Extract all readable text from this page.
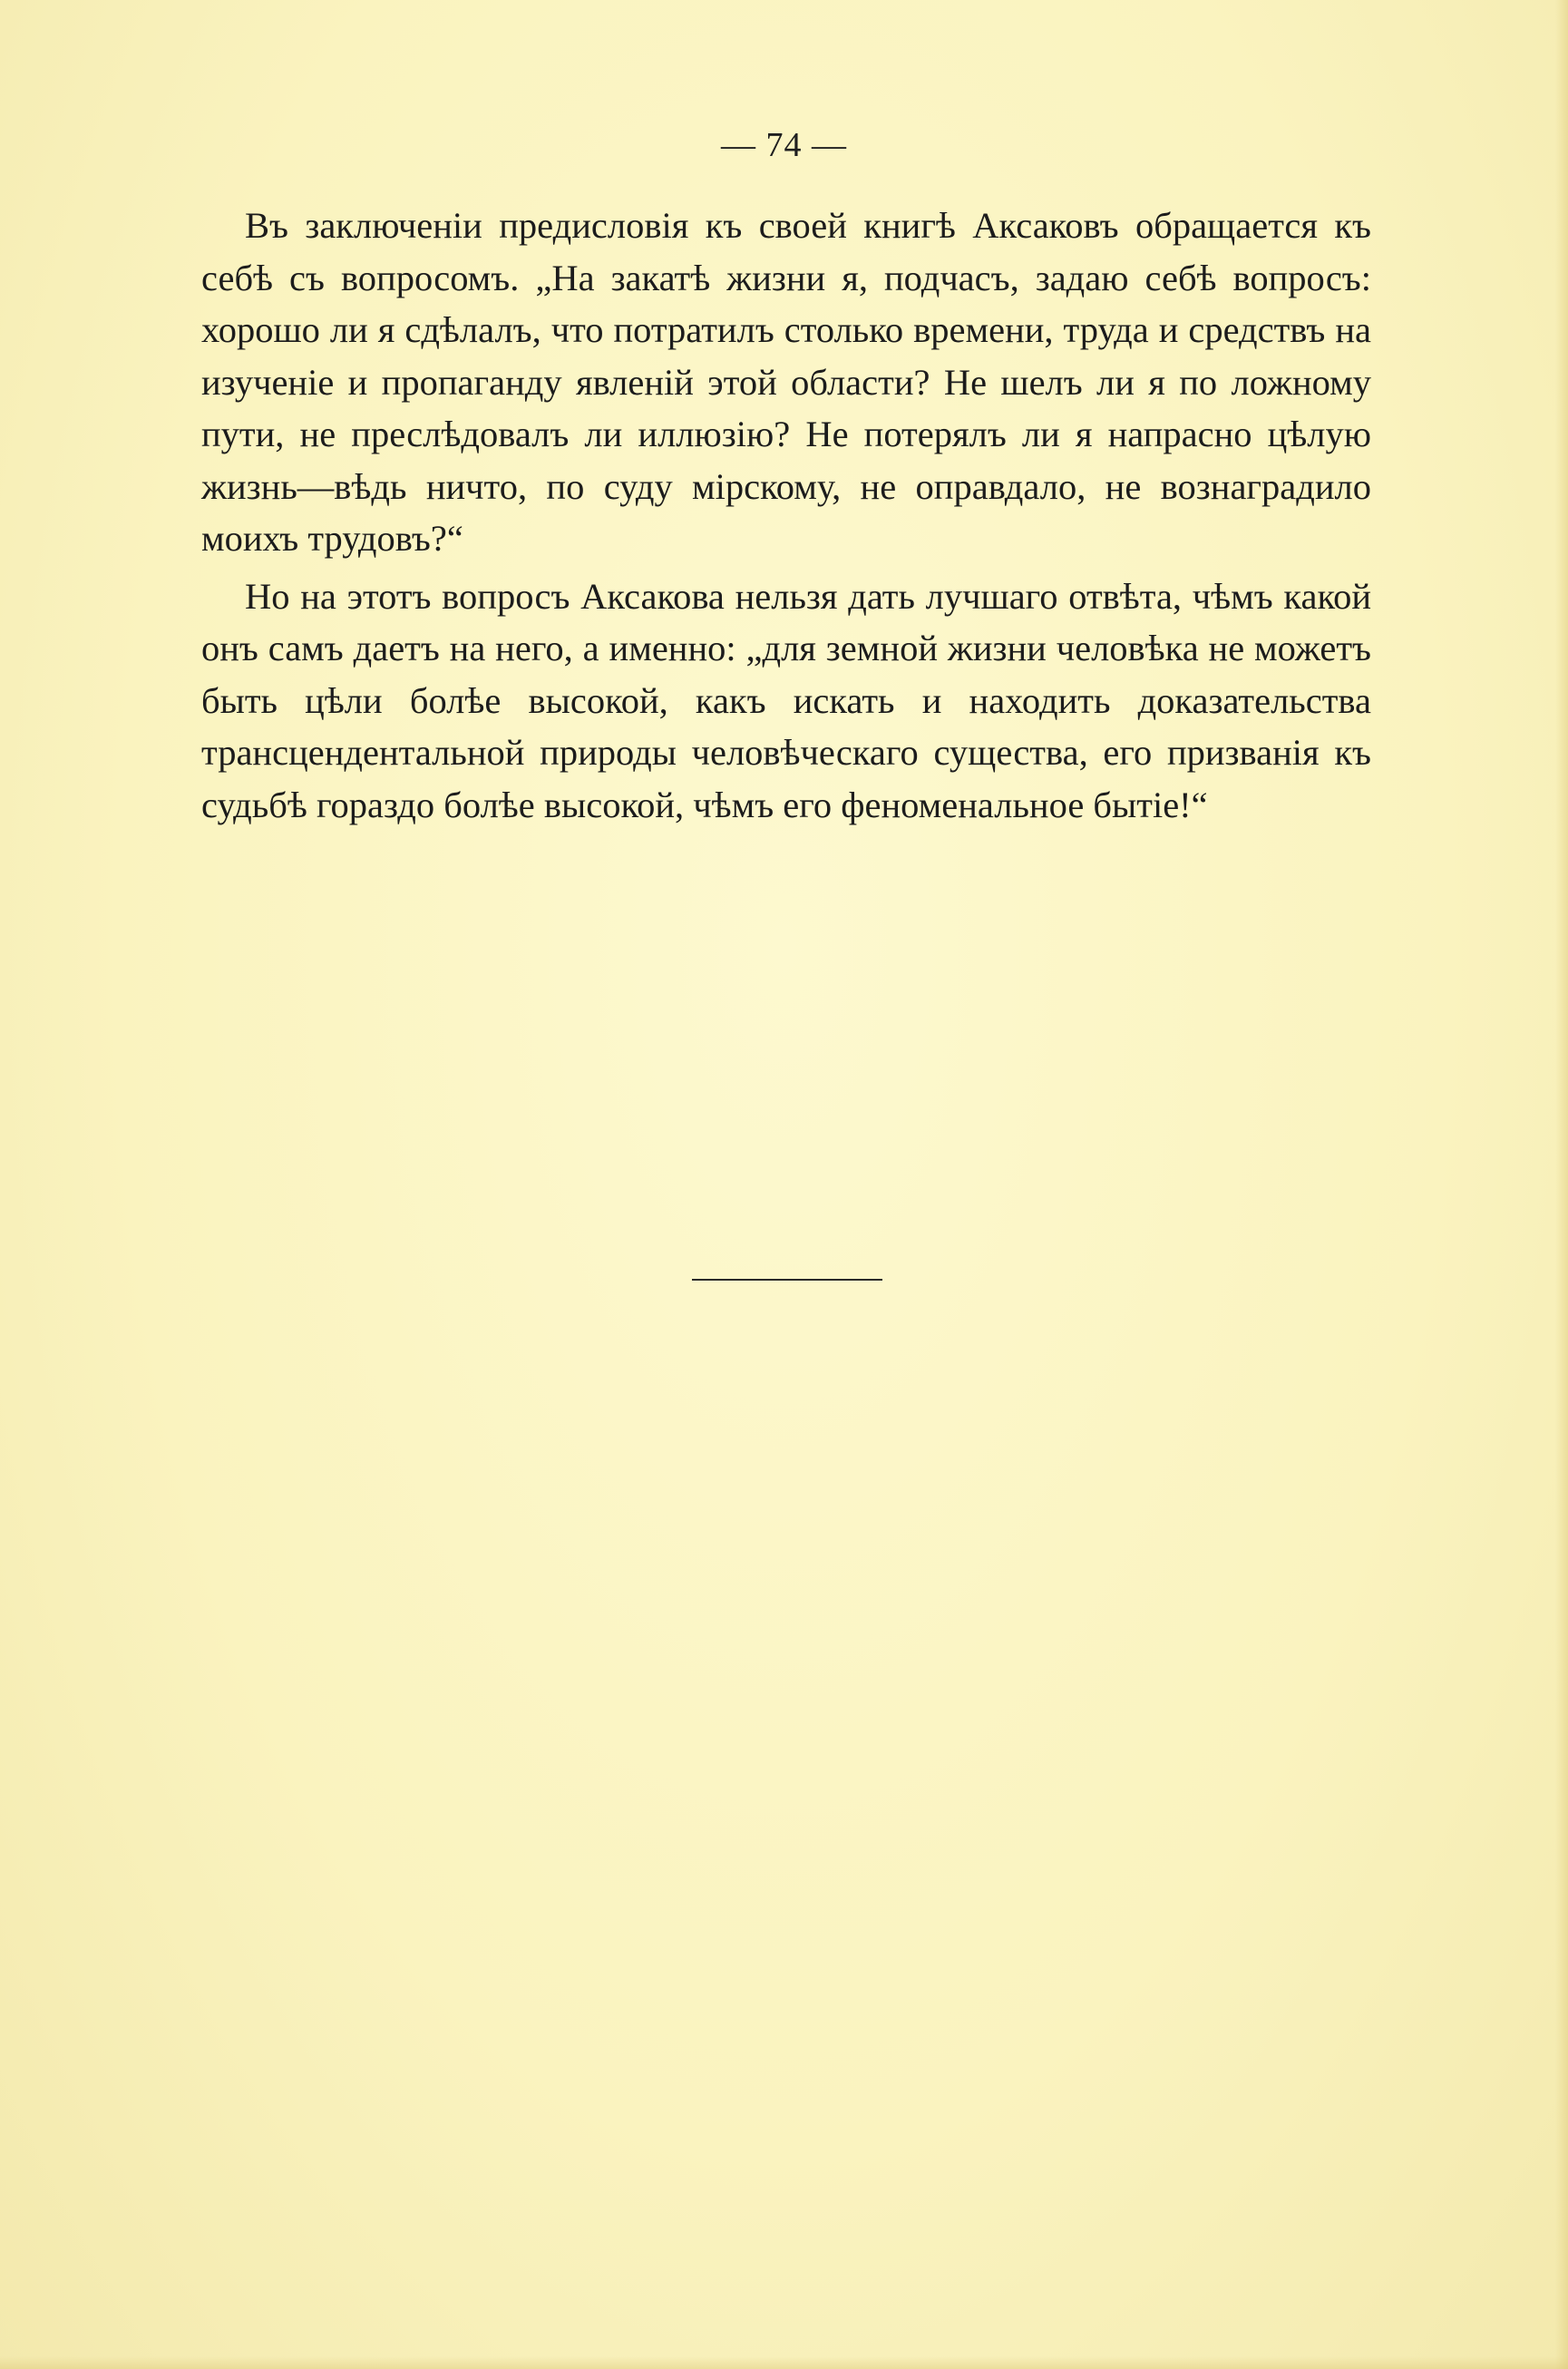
— 74 —

Въ заключеніи предисловія къ своей книгѣ Аксаковъ обращается къ себѣ съ вопросомъ. „На закатѣ жизни я, подчасъ, задаю себѣ вопросъ: хорошо ли я сдѣлалъ, что потратилъ столько времени, труда и средствъ на изученіе и пропаганду явленій этой области? Не шелъ ли я по ложному пути, не преслѣдовалъ ли иллюзію? Не потерялъ ли я напрасно цѣлую жизнь—вѣдь ничто, по суду мірскому, не оправдало, не вознаградило моихъ трудовъ?“

Но на этотъ вопросъ Аксакова нельзя дать лучшаго отвѣта, чѣмъ какой онъ самъ даетъ на него, а именно: „для земной жизни человѣка не можетъ быть цѣли болѣе высокой, какъ искать и находить доказательства трансцендентальной природы человѣческаго существа, его призванія къ судьбѣ гораздо болѣе высокой, чѣмъ его феноменальное бытіе!“
